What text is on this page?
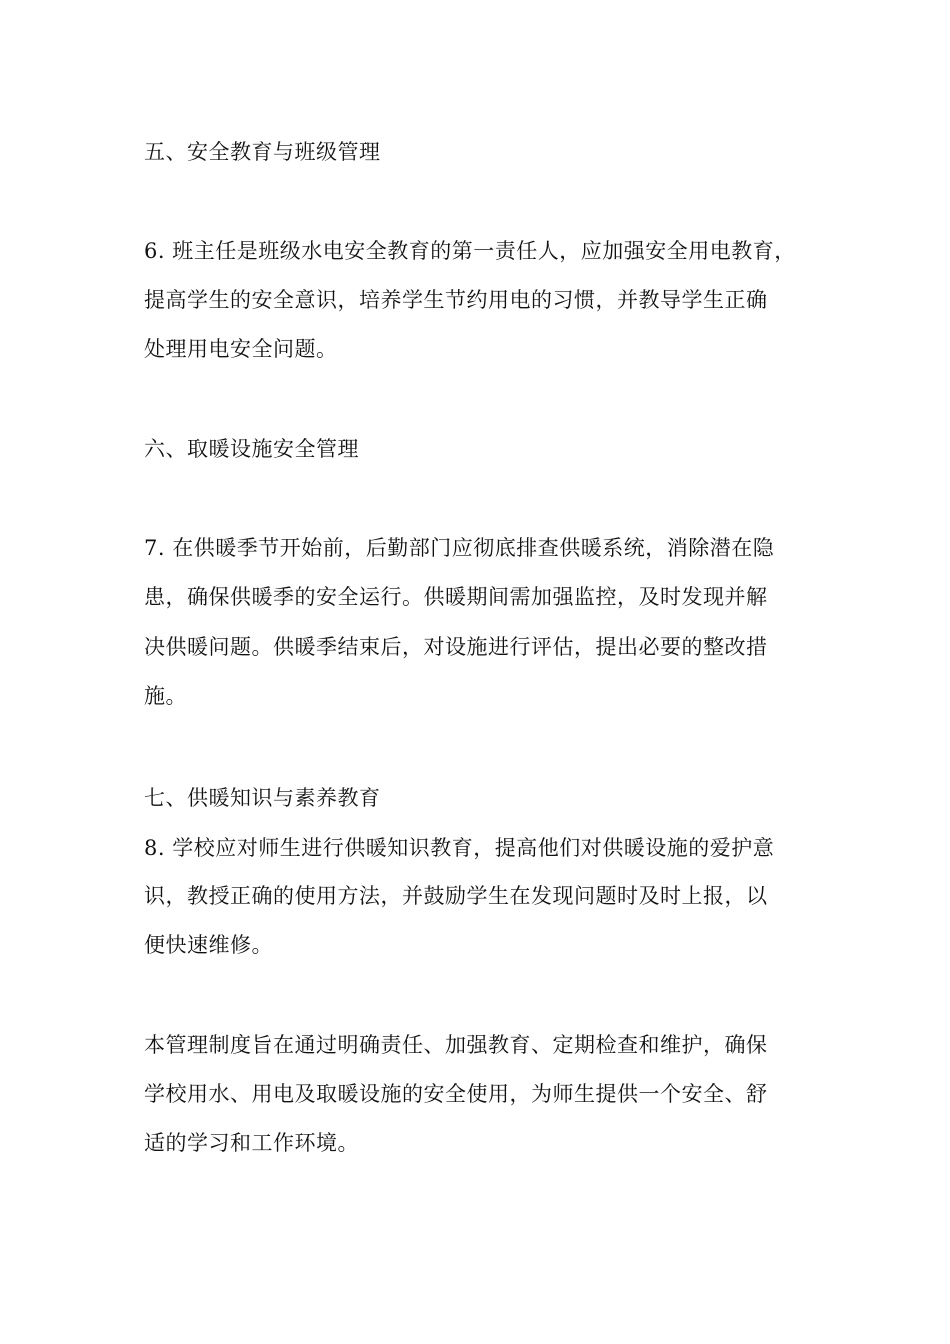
五、安全教育与班级管理
6. 班主任是班级水电安全教育的第一责任人，应加强安全用电教育，
提高学生的安全意识，培养学生节约用电的习惯，并教导学生正确
处理用电安全问题。
六、取暖设施安全管理
7. 在供暖季节开始前，后勤部门应彻底排查供暖系统，消除潜在隐
患，确保供暖季的安全运行。供暖期间需加强监控，及时发现并解
决供暖问题。供暖季结束后，对设施进行评估，提出必要的整改措
施。
七、供暖知识与素养教育
8. 学校应对师生进行供暖知识教育，提高他们对供暖设施的爱护意
识，教授正确的使用方法，并鼓励学生在发现问题时及时上报，以
便快速维修。
本管理制度旨在通过明确责任、加强教育、定期检查和维护，确保
学校用水、用电及取暖设施的安全使用，为师生提供一个安全、舒
适的学习和工作环境。
